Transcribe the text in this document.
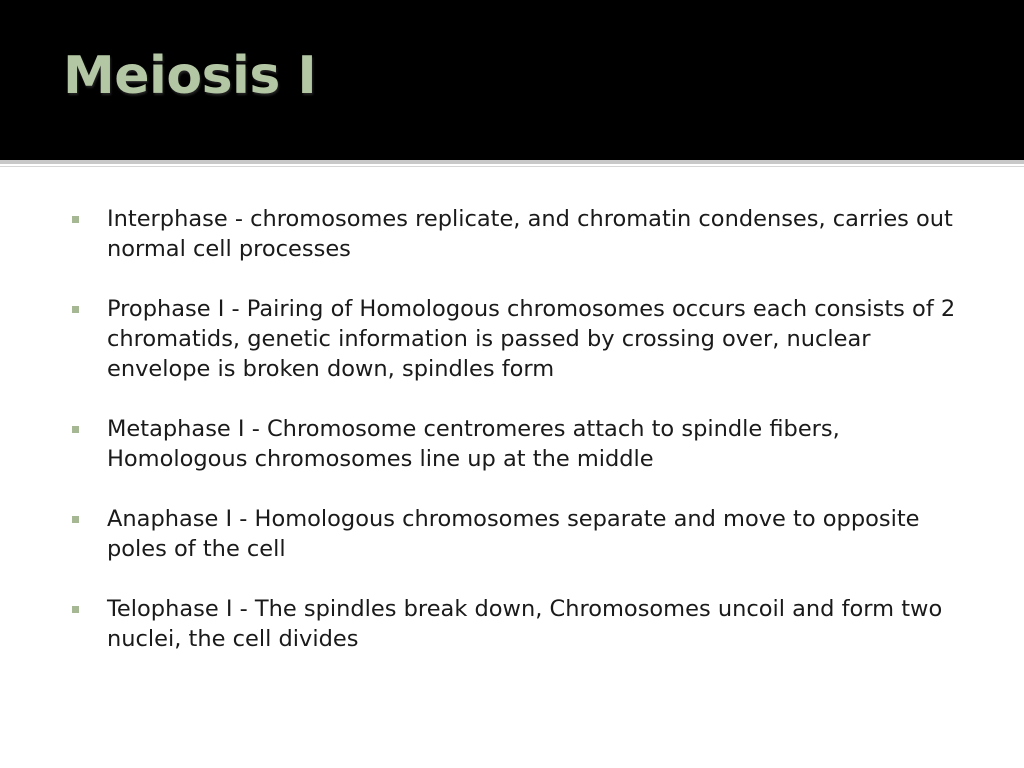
Meiosis I
Interphase - chromosomes replicate, and chromatin condenses, carries out normal cell processes
Prophase I - Pairing of Homologous chromosomes occurs each consists of 2 chromatids, genetic information is passed by crossing over, nuclear envelope is broken down, spindles form
Metaphase I - Chromosome centromeres attach to spindle fibers, Homologous chromosomes line up at the middle
Anaphase I - Homologous chromosomes separate and move to opposite poles of the cell
Telophase I - The spindles break down, Chromosomes uncoil and form two nuclei, the cell divides
